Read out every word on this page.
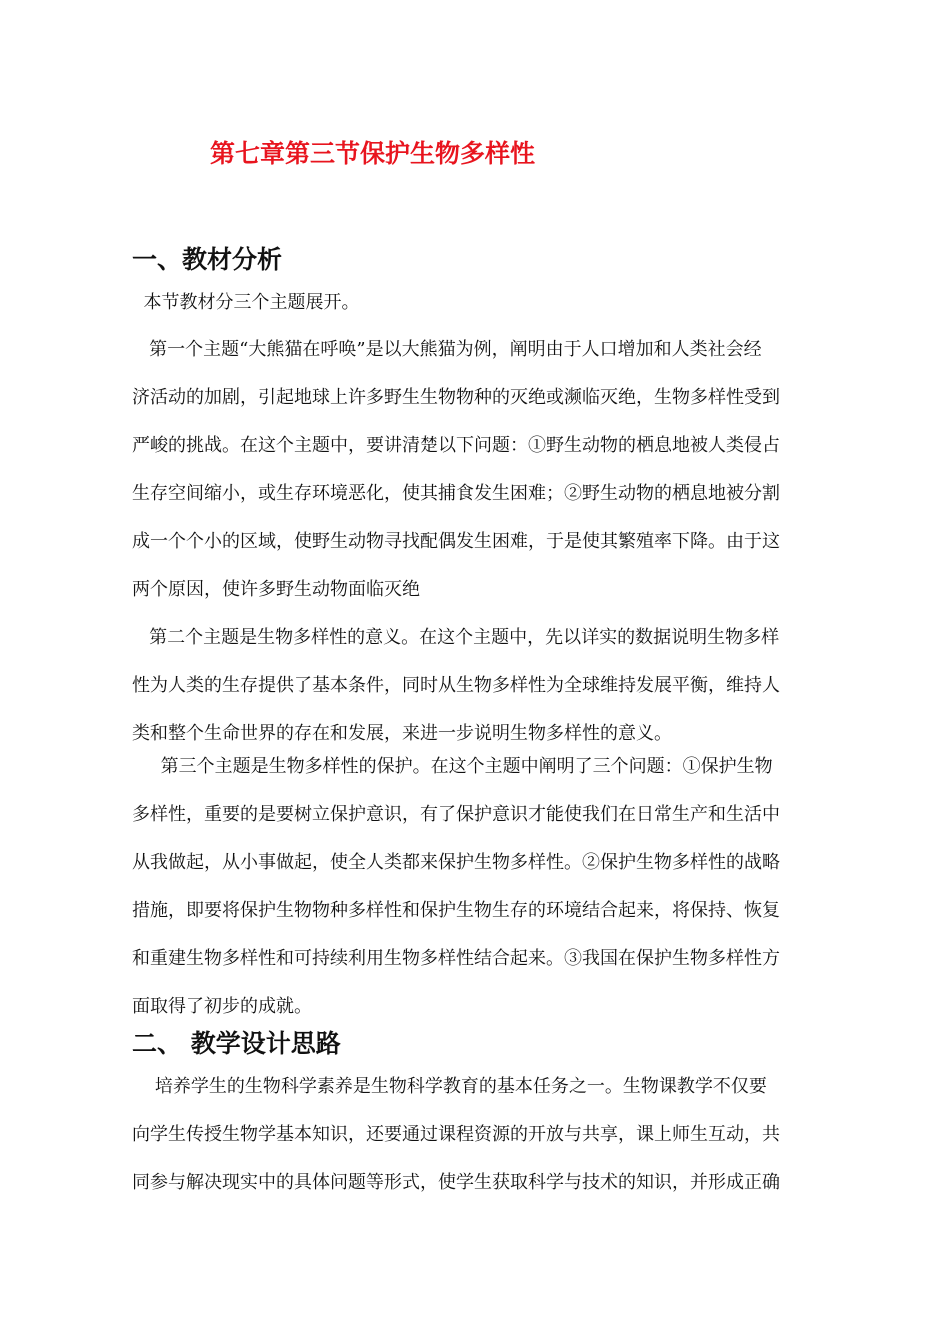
第七章第三节保护生物多样性
一、教材分析
本节教材分三个主题展开。
第一个主题“大熊猫在呼唤”是以大熊猫为例，阐明由于人口增加和人类社会经
济活动的加剧，引起地球上许多野生生物物种的灭绝或濒临灭绝，生物多样性受到
严峻的挑战。在这个主题中，要讲清楚以下问题：①野生动物的栖息地被人类侵占
生存空间缩小，或生存环境恶化，使其捕食发生困难；②野生动物的栖息地被分割
成一个个小的区域，使野生动物寻找配偶发生困难，于是使其繁殖率下降。由于这
两个原因，使许多野生动物面临灭绝
第二个主题是生物多样性的意义。在这个主题中，先以详实的数据说明生物多样
性为人类的生存提供了基本条件，同时从生物多样性为全球维持发展平衡，维持人
类和整个生命世界的存在和发展，来进一步说明生物多样性的意义。
第三个主题是生物多样性的保护。在这个主题中阐明了三个问题：①保护生物
多样性，重要的是要树立保护意识，有了保护意识才能使我们在日常生产和生活中
从我做起，从小事做起，使全人类都来保护生物多样性。②保护生物多样性的战略
措施，即要将保护生物物种多样性和保护生物生存的环境结合起来，将保持、恢复
和重建生物多样性和可持续利用生物多样性结合起来。③我国在保护生物多样性方
面取得了初步的成就。
二、 教学设计思路
培养学生的生物科学素养是生物科学教育的基本任务之一。生物课教学不仅要
向学生传授生物学基本知识，还要通过课程资源的开放与共享，课上师生互动，共
同参与解决现实中的具体问题等形式，使学生获取科学与技术的知识，并形成正确
